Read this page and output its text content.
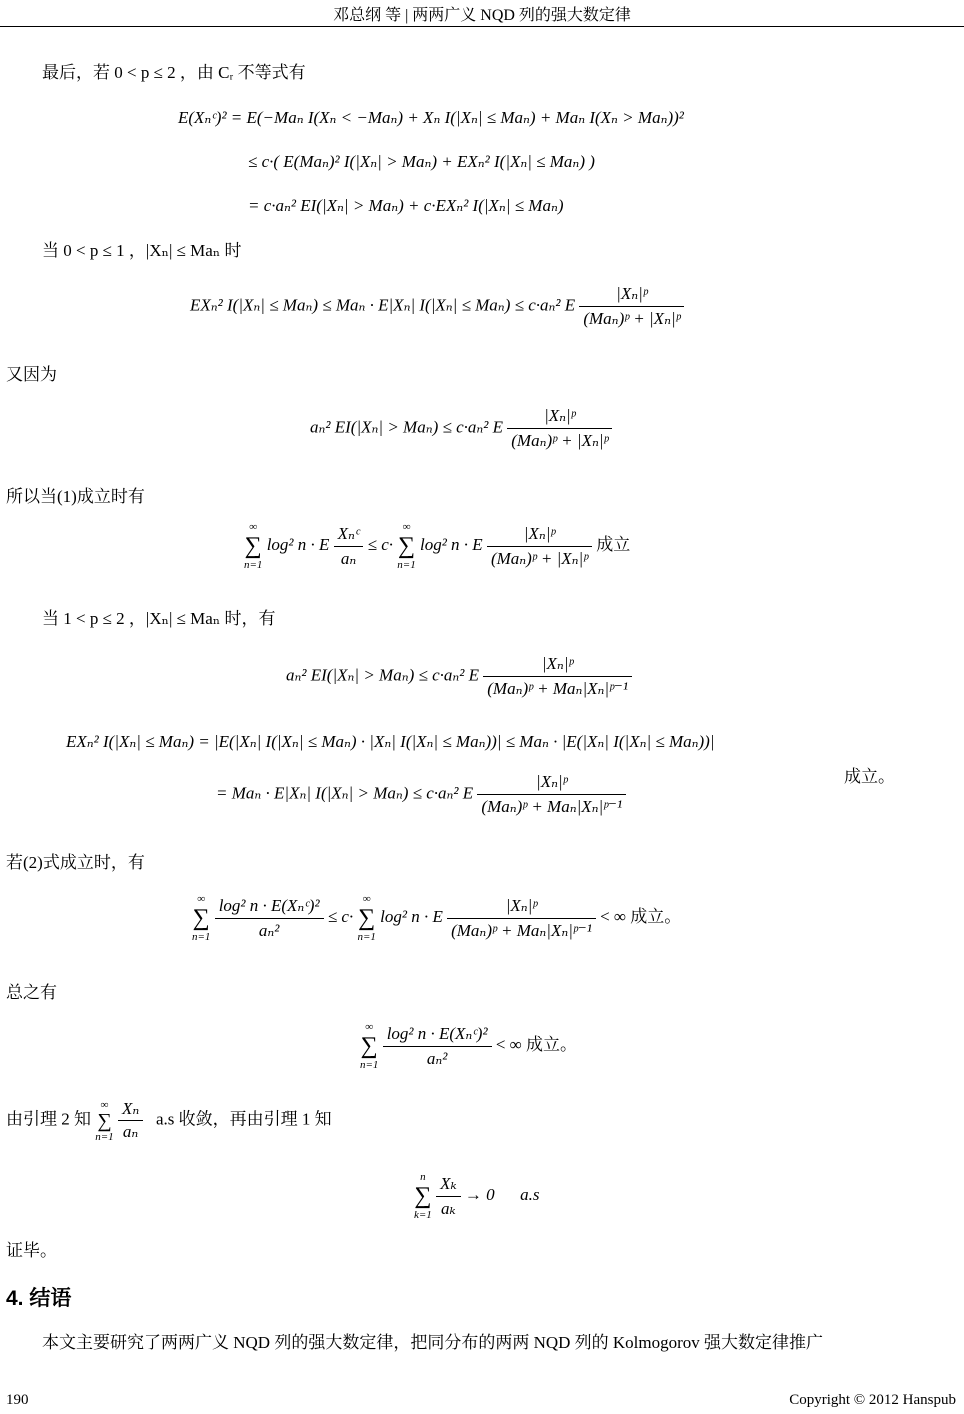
邓总纲 等 | 两两广义 NQD 列的强大数定律
最后，若 0 < p ≤ 2 ，由 Cᵣ 不等式有
E(Xₙᶜ)² = E(−Maₙ I(Xₙ < −Maₙ) + Xₙ I(|Xₙ| ≤ Maₙ) + Maₙ I(Xₙ > Maₙ))²
≤ c·( E(Maₙ)² I(|Xₙ| > Maₙ) + EXₙ² I(|Xₙ| ≤ Maₙ) )
= c·aₙ² EI(|Xₙ| > Maₙ) + c·EXₙ² I(|Xₙ| ≤ Maₙ)
当 0 < p ≤ 1 ，|Xₙ| ≤ Maₙ 时
EXₙ² I(|Xₙ| ≤ Maₙ) ≤ Maₙ · E|Xₙ| I(|Xₙ| ≤ Maₙ) ≤ c·aₙ² E $\frac{\text{|Xₙ|ᵖ}}{\text{(Maₙ)ᵖ + |Xₙ|ᵖ}}$
又因为
aₙ² EI(|Xₙ| > Maₙ) ≤ c·aₙ² E $\frac{\text{|Xₙ|ᵖ}}{\text{(Maₙ)ᵖ + |Xₙ|ᵖ}}$
所以当(1)成立时有
∞
∑
n=1
log² n · E $\frac{\text{Xₙᶜ}}{\text{aₙ}} \le c\cdot$
∞
∑
n=1
log² n · E $\frac{\text{|Xₙ|ᵖ}}{\text{(Maₙ)ᵖ + |Xₙ|ᵖ}}$ 成立
当 1 < p ≤ 2 ，|Xₙ| ≤ Maₙ 时，有
aₙ² EI(|Xₙ| > Maₙ) ≤ c·aₙ² E $\frac{\text{|Xₙ|ᵖ}}{\text{(Maₙ)ᵖ + Maₙ|Xₙ|ᵖ⁻¹}}$
EXₙ² I(|Xₙ| ≤ Maₙ) = |E(|Xₙ| I(|Xₙ| ≤ Maₙ) · |Xₙ| I(|Xₙ| ≤ Maₙ))| ≤ Maₙ · |E(|Xₙ| I(|Xₙ| ≤ Maₙ))|
= Maₙ · E|Xₙ| I(|Xₙ| > Maₙ) ≤ c·aₙ² E $\frac{\text{|Xₙ|ᵖ}}{\text{(Maₙ)ᵖ + Maₙ|Xₙ|ᵖ⁻¹}}$	成立。
若(2)式成立时，有
∞
∑
n=1
$\frac{\text{log² n · E(Xₙᶜ)²}}{\text{aₙ²}} \le c\cdot$
∞
∑
n=1
log² n · E $\frac{\text{|Xₙ|ᵖ}}{\text{(Maₙ)ᵖ + Maₙ|Xₙ|ᵖ⁻¹}}$ < ∞ 成立。
总之有
∞
∑
n=1
$\frac{\text{log² n · E(Xₙᶜ)²}}{\text{aₙ²}}$ < ∞ 成立。
由引理 2 知
∞
∑
n=1
$\frac{\text{Xₙ}}{\text{aₙ}} a.s$ 收敛，再由引理 1 知
n
∑
k=1
$\frac{\text{Xₖ}}{\text{aₖ}} \to 0$      a.s
证毕。
4. 结语
本文主要研究了两两广义 NQD 列的强大数定律，把同分布的两两 NQD 列的 Kolmogorov 强大数定律推广
190	Copyright © 2012 Hanspub
